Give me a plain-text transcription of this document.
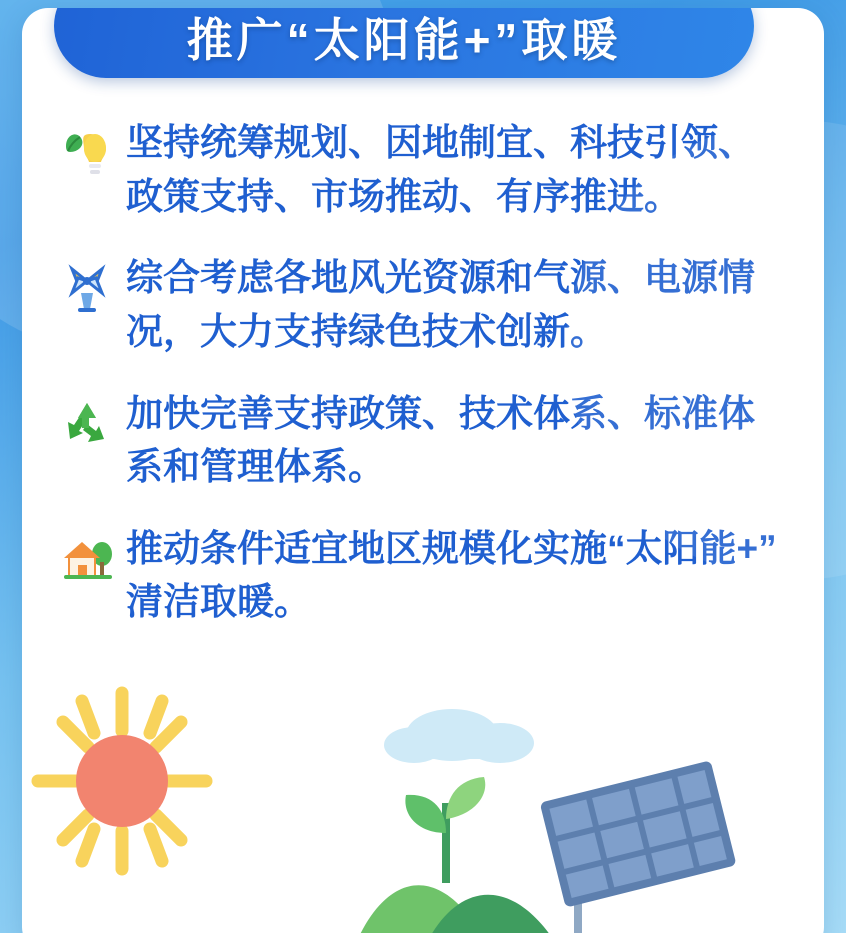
推广“太阳能+”取暖
坚持统筹规划、因地制宜、科技引领、政策支持、市场推动、有序推进。
综合考虑各地风光资源和气源、电源情况，大力支持绿色技术创新。
加快完善支持政策、技术体系、标准体系和管理体系。
推动条件适宜地区规模化实施“太阳能+”清洁取暖。
